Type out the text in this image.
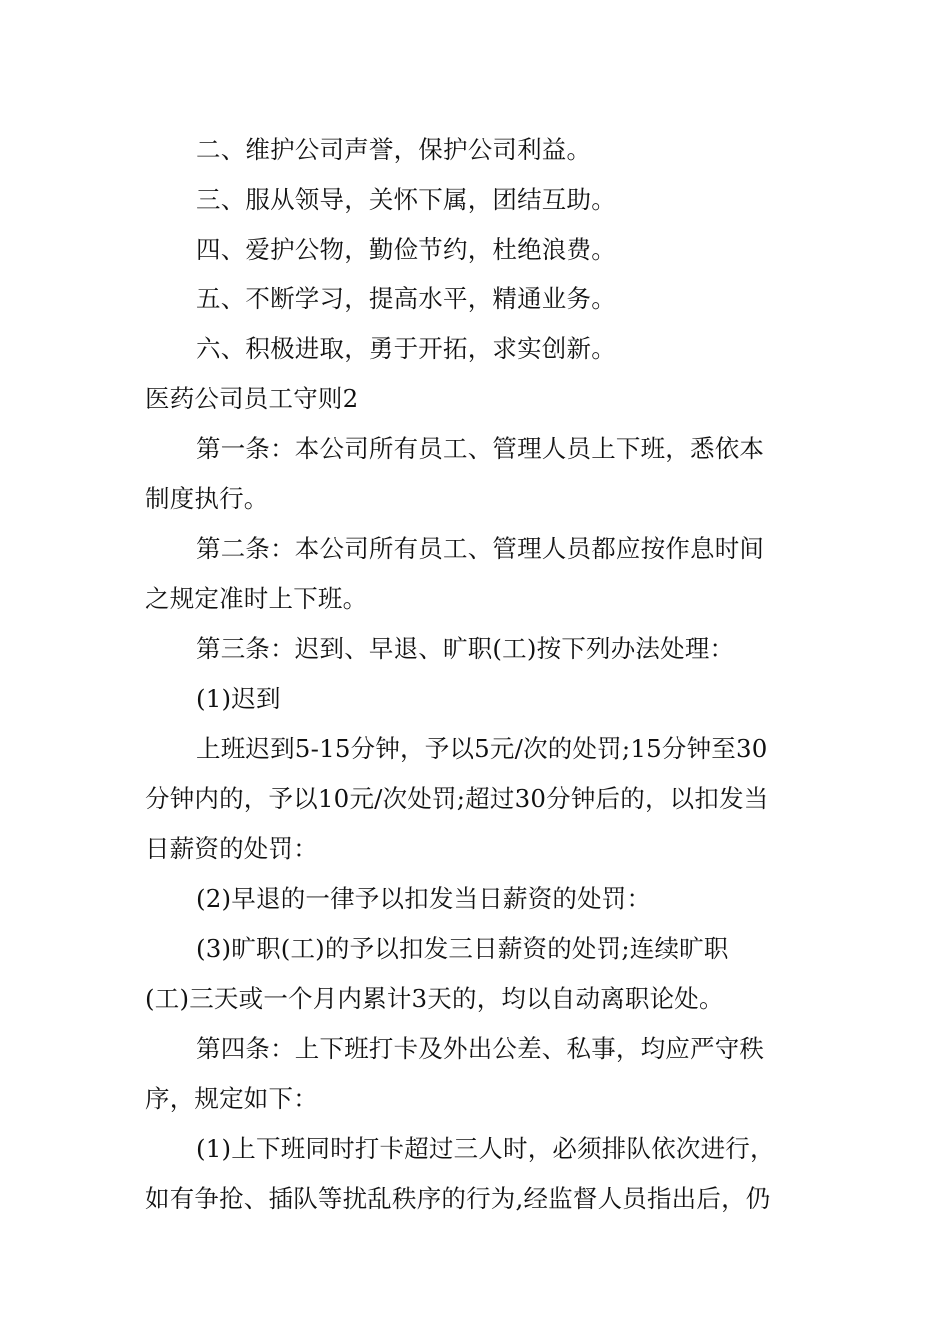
二、维护公司声誉，保护公司利益。
三、服从领导，关怀下属，团结互助。
四、爱护公物，勤俭节约，杜绝浪费。
五、不断学习，提高水平，精通业务。
六、积极进取，勇于开拓，求实创新。
医药公司员工守则2
第一条：本公司所有员工、管理人员上下班，悉依本
制度执行。
第二条：本公司所有员工、管理人员都应按作息时间
之规定准时上下班。
第三条：迟到、早退、旷职(工)按下列办法处理：
(1)迟到
上班迟到5-15分钟，予以5元/次的处罚;15分钟至30
分钟内的，予以10元/次处罚;超过30分钟后的，以扣发当
日薪资的处罚：
(2)早退的一律予以扣发当日薪资的处罚：
(3)旷职(工)的予以扣发三日薪资的处罚;连续旷职
(工)三天或一个月内累计3天的，均以自动离职论处。
第四条：上下班打卡及外出公差、私事，均应严守秩
序，规定如下：
(1)上下班同时打卡超过三人时，必须排队依次进行，
如有争抢、插队等扰乱秩序的行为,经监督人员指出后，仍
